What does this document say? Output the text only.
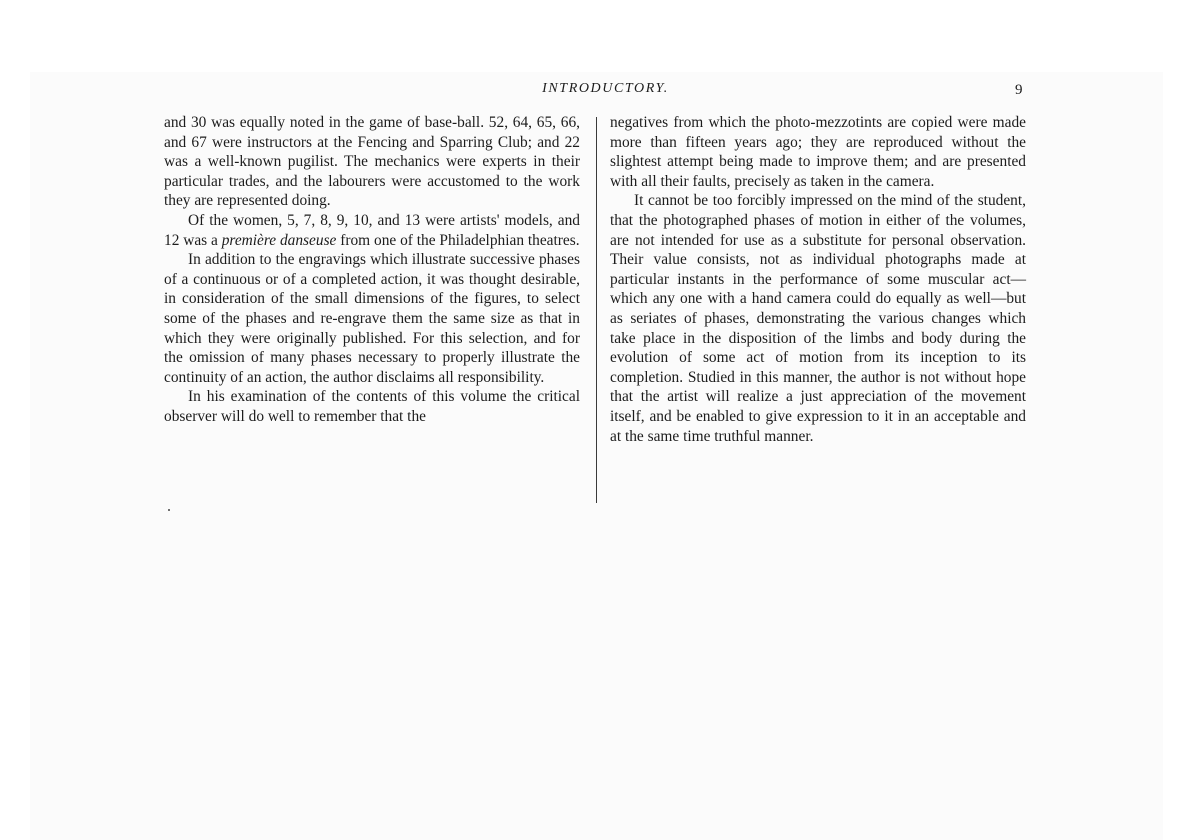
INTRODUCTORY.	9

and 30 was equally noted in the game of base-ball. 52, 64, 65, 66, and 67 were instructors at the Fencing and Sparring Club; and 22 was a well-known pugilist. The mechanics were experts in their particular trades, and the labourers were accustomed to the work they are represented doing.

Of the women, 5, 7, 8, 9, 10, and 13 were artists' models, and 12 was a première danseuse from one of the Philadelphian theatres.

In addition to the engravings which illustrate successive phases of a continuous or of a completed action, it was thought desirable, in consideration of the small dimensions of the figures, to select some of the phases and re-engrave them the same size as that in which they were originally published. For this selection, and for the omission of many phases necessary to properly illustrate the continuity of an action, the author disclaims all responsibility.

In his examination of the contents of this volume the critical observer will do well to remember that the

negatives from which the photo-mezzotints are copied were made more than fifteen years ago; they are reproduced without the slightest attempt being made to improve them; and are presented with all their faults, precisely as taken in the camera.

It cannot be too forcibly impressed on the mind of the student, that the photographed phases of motion in either of the volumes, are not intended for use as a substitute for personal observation. Their value consists, not as individual photographs made at particular instants in the performance of some muscular act—which any one with a hand camera could do equally as well—but as seriates of phases, demonstrating the various changes which take place in the disposition of the limbs and body during the evolution of some act of motion from its inception to its completion. Studied in this manner, the author is not without hope that the artist will realize a just appreciation of the movement itself, and be enabled to give expression to it in an acceptable and at the same time truthful manner.
